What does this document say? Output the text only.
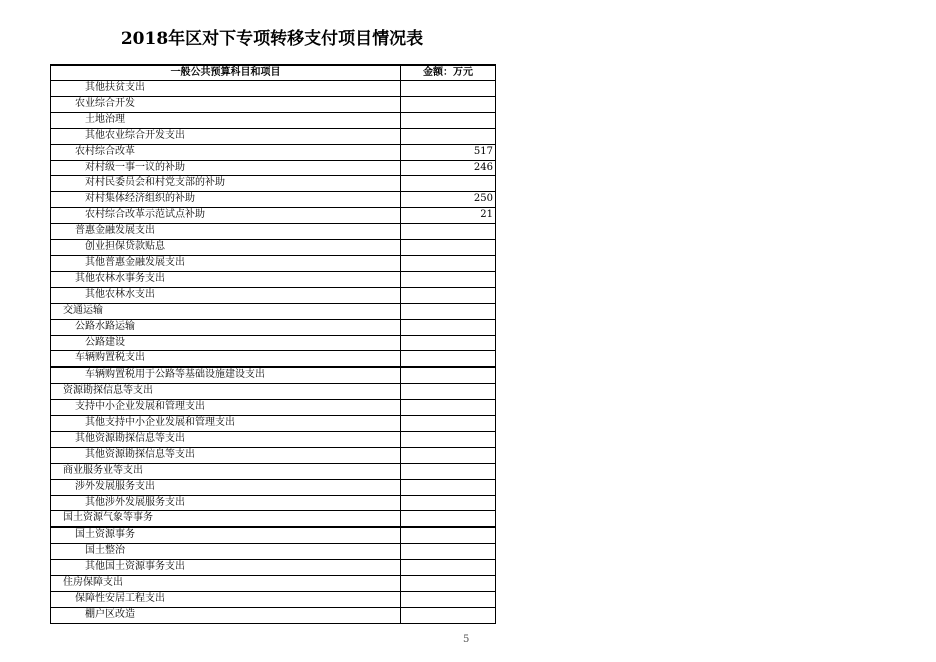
2018年区对下专项转移支付项目情况表
一般公共预算科目和项目	金额：万元
其他扶贫支出	
农业综合开发	
土地治理	
其他农业综合开发支出	
农村综合改革	517
对村级一事一议的补助	246
对村民委员会和村党支部的补助	
对村集体经济组织的补助	250
农村综合改革示范试点补助	21
普惠金融发展支出	
创业担保贷款贴息	
其他普惠金融发展支出	
其他农林水事务支出	
其他农林水支出	
交通运输	
公路水路运输	
公路建设	
车辆购置税支出	
车辆购置税用于公路等基础设施建设支出	
资源勘探信息等支出	
支持中小企业发展和管理支出	
其他支持中小企业发展和管理支出	
其他资源勘探信息等支出	
其他资源勘探信息等支出	
商业服务业等支出	
涉外发展服务支出	
其他涉外发展服务支出	
国土资源气象等事务	
国土资源事务	
国土整治	
其他国土资源事务支出	
住房保障支出	
保障性安居工程支出	
棚户区改造	
5
